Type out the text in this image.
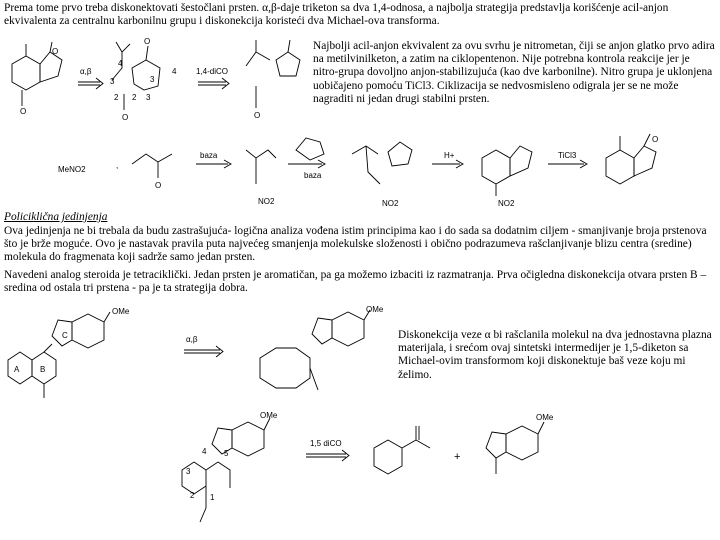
Prema tome prvo treba diskonektovati šestočlani prsten. α,β-daje triketon sa dva 1,4-odnosa, a najbolja strategija predstavlja korišćenje acil-anjon ekvivalenta za centralnu karbonilnu grupu i diskonekcija koristeći dva Michael-ova transforma.

Najbolji acil-anjon ekvivalent za ovu svrhu je nitrometan, čiji se anjon glatko prvo adira na metilvinilketon, a zatim na ciklopentenon. Nije potrebna kontrola reakcije jer je nitro-grupa dovoljno anjon-stabilizujuća (kao dve karbonilne). Nitro grupa je uklonjena uobičajeno pomoću TiCl3. Ciklizacija se nedvosmisleno odigrala jer se ne može nagraditi ni jedan drugi stabilni prsten.

Policiklična jedinjenja

Ova jedinjenja ne bi trebala da budu zastrašujuća- logična analiza vođena istim principima kao i do sada sa dodatnim ciljem - smanjivanje broja prstenova što je brže moguće. Ovo je nastavak pravila puta najvećeg smanjenja molekulske složenosti i obično podrazumeva rašclanjivanje blizu centra (sredine) molekula do fragmenata koji sadrže samo jedan prsten.

Navedeni analog steroida je tetraciklički. Jedan prsten je aromatičan, pa ga možemo izbaciti iz razmatranja. Prva očigledna diskonekcija otvara prsten B – sredina od ostala tri prstena - pa je ta strategija dobra.

Diskonekcija veze α bi rašclanila molekul na dva jednostavna plazna materijala, i srećom ovaj sintetski intermedijer je 1,5-diketon sa Michael-ovim transformom koji diskonektuje baš veze koju mi želimo.

O
O
α,β
O
O
4
3
2 2 3
3
4 1,4-diCO
O
MeNO2	,
O
baza
NO2
baza
NO2
H+
NO2
TiCl3
O
OMe
C
A	B
α,β
OMe
OMe
4 5
3
2 1
1,5 diCO
+
OMe
